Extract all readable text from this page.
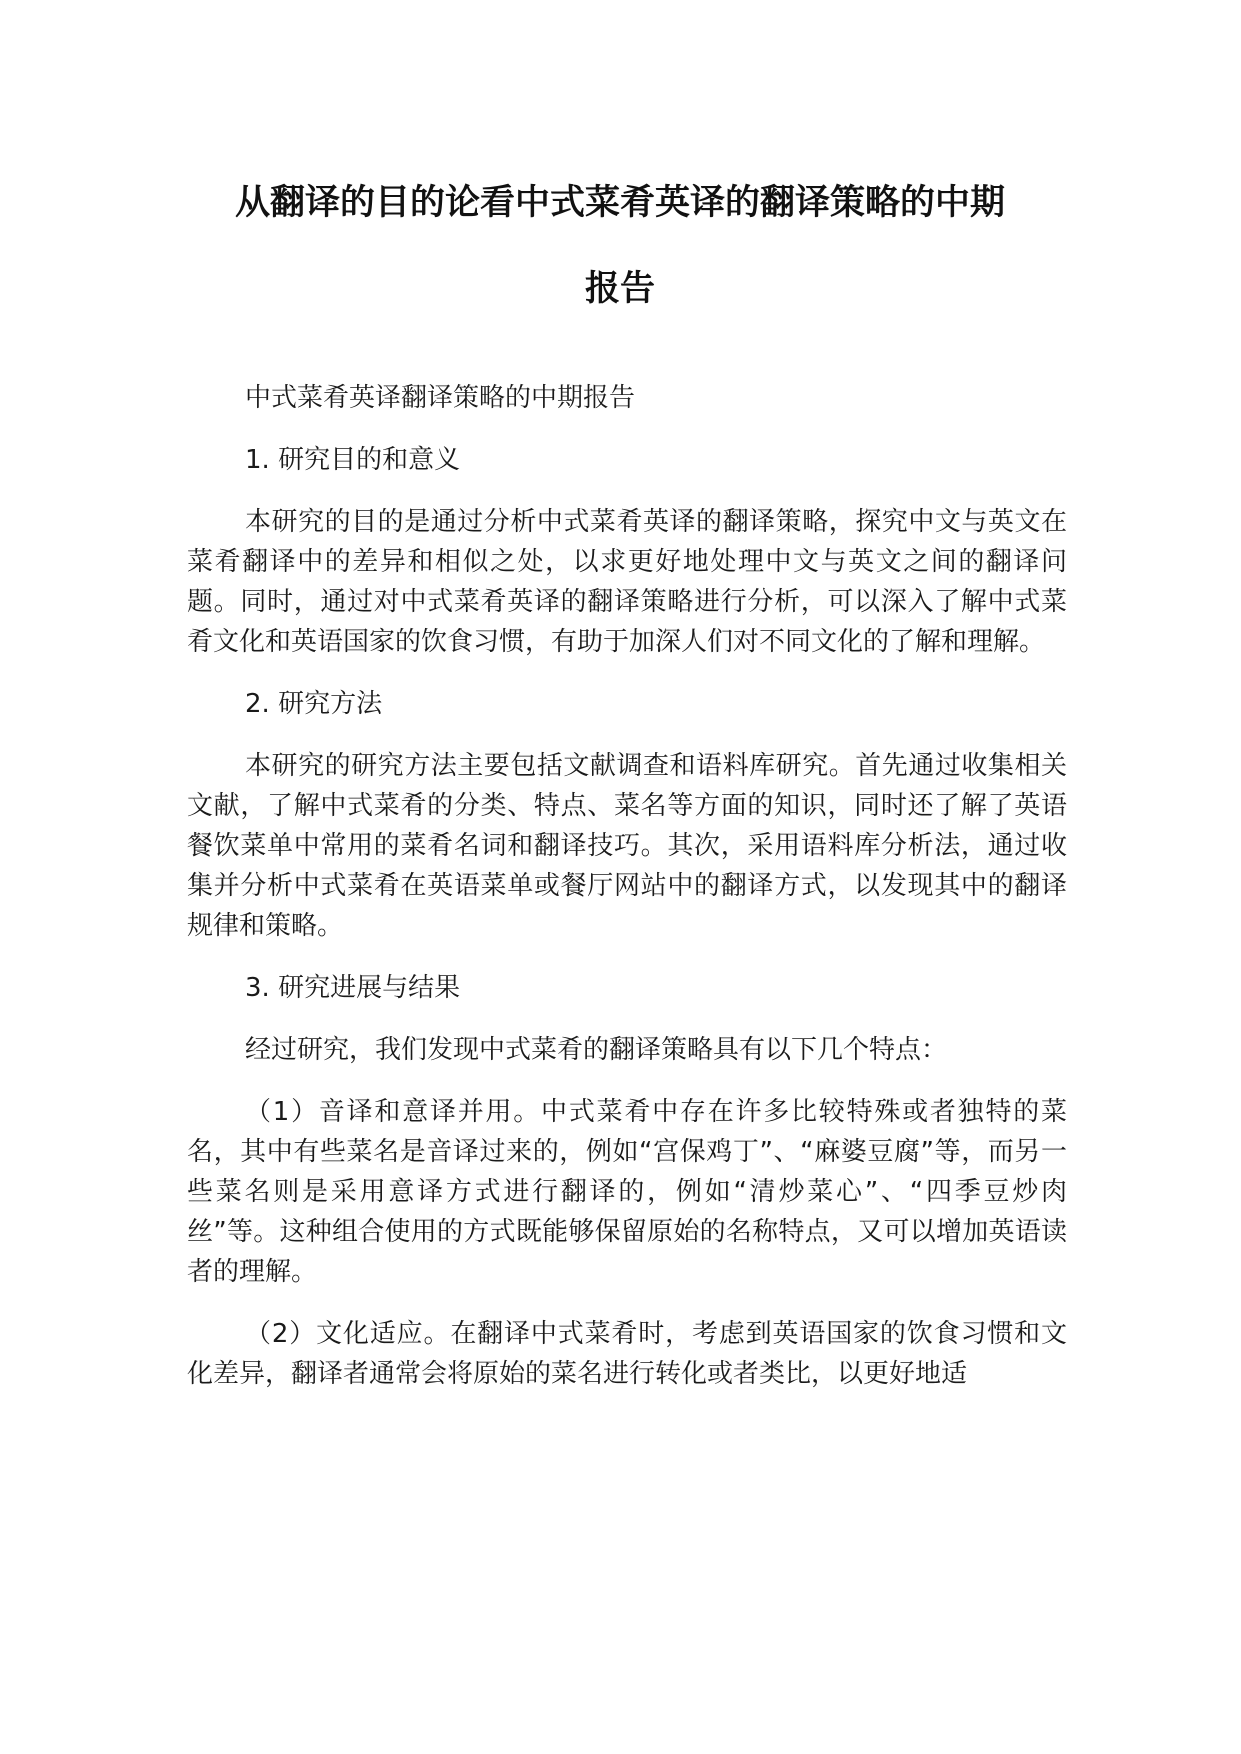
从翻译的目的论看中式菜肴英译的翻译策略的中期
报告

中式菜肴英译翻译策略的中期报告

1. 研究目的和意义

本研究的目的是通过分析中式菜肴英译的翻译策略，探究中文与英文在菜肴翻译中的差异和相似之处，以求更好地处理中文与英文之间的翻译问题。同时，通过对中式菜肴英译的翻译策略进行分析，可以深入了解中式菜肴文化和英语国家的饮食习惯，有助于加深人们对不同文化的了解和理解。

2. 研究方法

本研究的研究方法主要包括文献调查和语料库研究。首先通过收集相关文献，了解中式菜肴的分类、特点、菜名等方面的知识，同时还了解了英语餐饮菜单中常用的菜肴名词和翻译技巧。其次，采用语料库分析法，通过收集并分析中式菜肴在英语菜单或餐厅网站中的翻译方式，以发现其中的翻译规律和策略。

3. 研究进展与结果

经过研究，我们发现中式菜肴的翻译策略具有以下几个特点：

（1）音译和意译并用。中式菜肴中存在许多比较特殊或者独特的菜名，其中有些菜名是音译过来的，例如“宫保鸡丁”、“麻婆豆腐”等，而另一些菜名则是采用意译方式进行翻译的，例如“清炒菜心”、“四季豆炒肉丝”等。这种组合使用的方式既能够保留原始的名称特点，又可以增加英语读者的理解。

（2）文化适应。在翻译中式菜肴时，考虑到英语国家的饮食习惯和文化差异，翻译者通常会将原始的菜名进行转化或者类比，以更好地适
